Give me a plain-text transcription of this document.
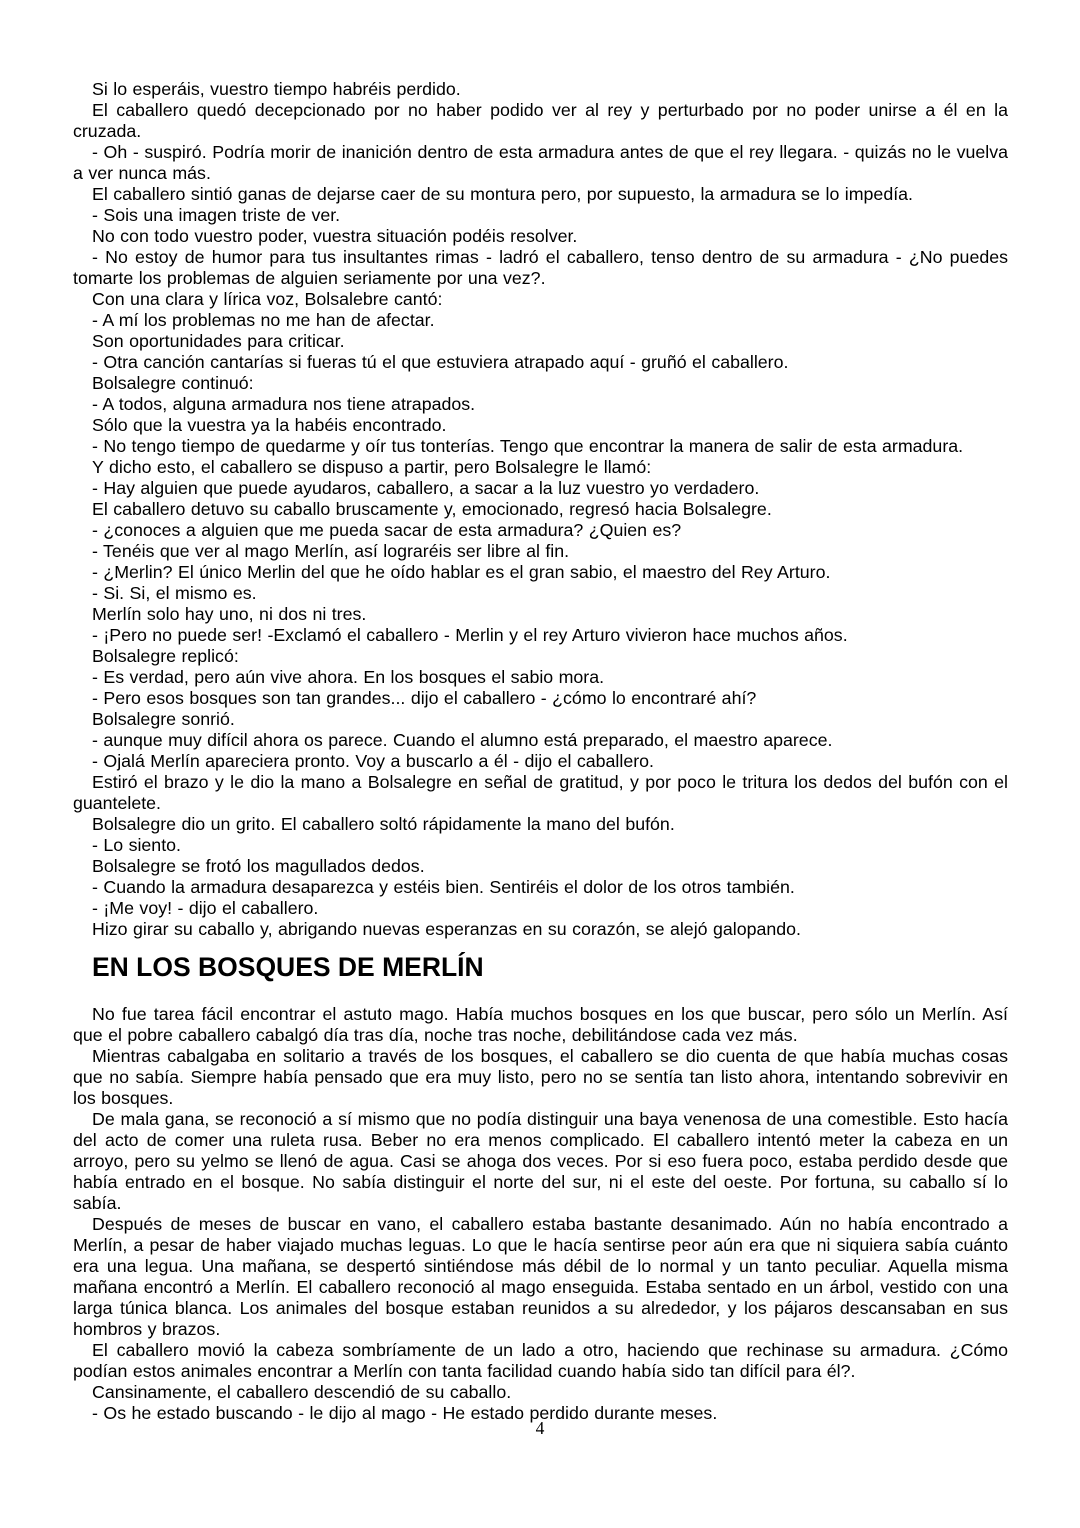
Si lo esperáis, vuestro tiempo habréis perdido.

El caballero quedó decepcionado por no haber podido ver al rey y perturbado por no poder unirse a él en la cruzada.

- Oh - suspiró. Podría morir de inanición dentro de esta armadura antes de que el rey llegara. - quizás no le vuelva a ver nunca más.

El caballero sintió ganas de dejarse caer de su montura pero, por supuesto, la armadura se lo impedía.

- Sois una imagen triste de ver.

No con todo vuestro poder, vuestra situación podéis resolver.

- No estoy de humor para tus insultantes rimas - ladró el caballero, tenso dentro de su armadura - ¿No puedes tomarte los problemas de alguien seriamente por una vez?.

Con una clara y lírica voz, Bolsalebre cantó:

- A mí los problemas no me han de afectar.

Son oportunidades para criticar.

- Otra canción cantarías si fueras tú el que estuviera atrapado aquí - gruñó el caballero.

Bolsalegre continuó:

- A todos, alguna armadura nos tiene atrapados.

Sólo que la vuestra ya la habéis encontrado.

- No tengo tiempo de quedarme y oír tus tonterías. Tengo que encontrar la manera de salir de esta armadura.

Y dicho esto, el caballero se dispuso a partir, pero Bolsalegre le llamó:

- Hay alguien que puede ayudaros, caballero, a sacar a la luz vuestro yo verdadero.

El caballero detuvo su caballo bruscamente y, emocionado, regresó hacia Bolsalegre.

- ¿conoces a alguien que me pueda sacar de esta armadura? ¿Quien es?

- Tenéis que ver al mago Merlín, así lograréis ser libre al fin.

- ¿Merlin? El único Merlin del que he oído hablar es el gran sabio, el maestro del Rey Arturo.

- Si. Si, el mismo es.

Merlín solo hay uno, ni dos ni tres.

- ¡Pero no puede ser! -Exclamó el caballero - Merlin y el rey Arturo vivieron hace muchos años.

Bolsalegre replicó:

- Es verdad, pero aún vive ahora. En los bosques el sabio mora.

- Pero esos bosques son tan grandes... dijo el caballero - ¿cómo lo encontraré ahí?

Bolsalegre sonrió.

- aunque muy difícil ahora os parece. Cuando el alumno está preparado, el maestro aparece.

- Ojalá Merlín apareciera pronto. Voy a buscarlo a él - dijo el caballero.

Estiró el brazo y le dio la mano a Bolsalegre en señal de gratitud, y por poco le tritura los dedos del bufón con el guantelete.

Bolsalegre dio un grito. El caballero soltó rápidamente la mano del bufón.

- Lo siento.

Bolsalegre se frotó los magullados dedos.

- Cuando la armadura desaparezca y estéis bien. Sentiréis el dolor de los otros también.

- ¡Me voy! - dijo el caballero.

Hizo girar su caballo y, abrigando nuevas esperanzas en su corazón, se alejó galopando.

EN LOS BOSQUES DE MERLÍN

No fue tarea fácil encontrar el astuto mago. Había muchos bosques en los que buscar, pero sólo un Merlín. Así que el pobre caballero cabalgó día tras día, noche tras noche, debilitándose cada vez más.

Mientras cabalgaba en solitario a través de los bosques, el caballero se dio cuenta de que había muchas cosas que no sabía. Siempre había pensado que era muy listo, pero no se sentía tan listo ahora, intentando sobrevivir en los bosques.

De mala gana, se reconoció a sí mismo que no podía distinguir una baya venenosa de una comestible. Esto hacía del acto de comer una ruleta rusa. Beber no era menos complicado. El caballero intentó meter la cabeza en un arroyo, pero su yelmo se llenó de agua. Casi se ahoga dos veces. Por si eso fuera poco, estaba perdido desde que había entrado en el bosque. No sabía distinguir el norte del sur, ni el este del oeste. Por fortuna, su caballo sí lo sabía.

Después de meses de buscar en vano, el caballero estaba bastante desanimado. Aún no había encontrado a Merlín, a pesar de haber viajado muchas leguas. Lo que le hacía sentirse peor aún era que ni siquiera sabía cuánto era una legua. Una mañana, se despertó sintiéndose más débil de lo normal y un tanto peculiar. Aquella misma mañana encontró a Merlín. El caballero reconoció al mago enseguida. Estaba sentado en un árbol, vestido con una larga túnica blanca. Los animales del bosque estaban reunidos a su alrededor, y los pájaros descansaban en sus hombros y brazos.

El caballero movió la cabeza sombríamente de un lado a otro, haciendo que rechinase su armadura. ¿Cómo podían estos animales encontrar a Merlín con tanta facilidad cuando había sido tan difícil para él?.

Cansinamente, el caballero descendió de su caballo.

- Os he estado buscando - le dijo al mago - He estado perdido durante meses.

4
